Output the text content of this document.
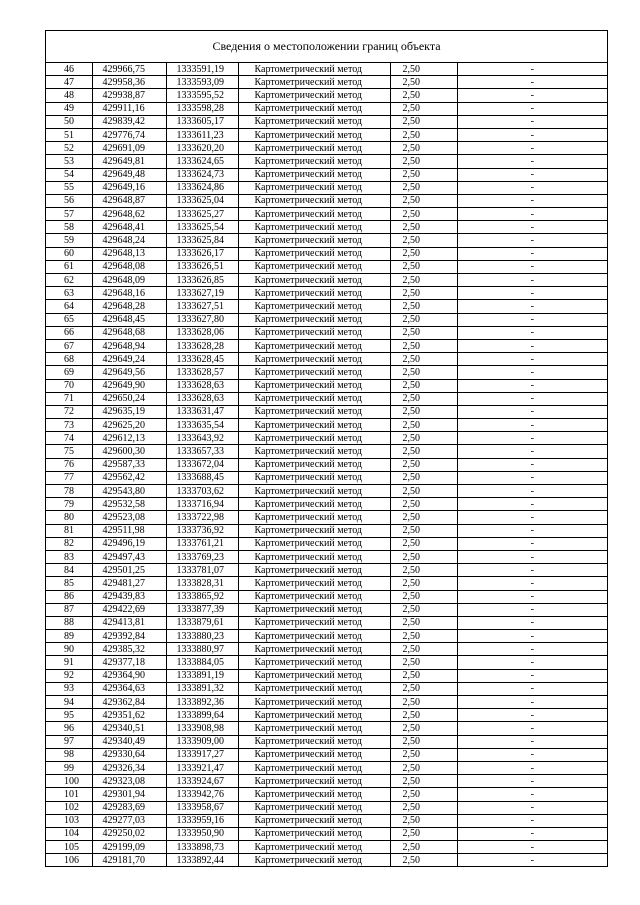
Сведения о местоположении границ объекта
46	429966,75	1333591,19	Картометрический метод	2,50	-
47	429958,36	1333593,09	Картометрический метод	2,50	-
48	429938,87	1333595,52	Картометрический метод	2,50	-
49	429911,16	1333598,28	Картометрический метод	2,50	-
50	429839,42	1333605,17	Картометрический метод	2,50	-
51	429776,74	1333611,23	Картометрический метод	2,50	-
52	429691,09	1333620,20	Картометрический метод	2,50	-
53	429649,81	1333624,65	Картометрический метод	2,50	-
54	429649,48	1333624,73	Картометрический метод	2,50	-
55	429649,16	1333624,86	Картометрический метод	2,50	-
56	429648,87	1333625,04	Картометрический метод	2,50	-
57	429648,62	1333625,27	Картометрический метод	2,50	-
58	429648,41	1333625,54	Картометрический метод	2,50	-
59	429648,24	1333625,84	Картометрический метод	2,50	-
60	429648,13	1333626,17	Картометрический метод	2,50	-
61	429648,08	1333626,51	Картометрический метод	2,50	-
62	429648,09	1333626,85	Картометрический метод	2,50	-
63	429648,16	1333627,19	Картометрический метод	2,50	-
64	429648,28	1333627,51	Картометрический метод	2,50	-
65	429648,45	1333627,80	Картометрический метод	2,50	-
66	429648,68	1333628,06	Картометрический метод	2,50	-
67	429648,94	1333628,28	Картометрический метод	2,50	-
68	429649,24	1333628,45	Картометрический метод	2,50	-
69	429649,56	1333628,57	Картометрический метод	2,50	-
70	429649,90	1333628,63	Картометрический метод	2,50	-
71	429650,24	1333628,63	Картометрический метод	2,50	-
72	429635,19	1333631,47	Картометрический метод	2,50	-
73	429625,20	1333635,54	Картометрический метод	2,50	-
74	429612,13	1333643,92	Картометрический метод	2,50	-
75	429600,30	1333657,33	Картометрический метод	2,50	-
76	429587,33	1333672,04	Картометрический метод	2,50	-
77	429562,42	1333688,45	Картометрический метод	2,50	-
78	429543,80	1333703,62	Картометрический метод	2,50	-
79	429532,58	1333716,94	Картометрический метод	2,50	-
80	429523,08	1333722,98	Картометрический метод	2,50	-
81	429511,98	1333736,92	Картометрический метод	2,50	-
82	429496,19	1333761,21	Картометрический метод	2,50	-
83	429497,43	1333769,23	Картометрический метод	2,50	-
84	429501,25	1333781,07	Картометрический метод	2,50	-
85	429481,27	1333828,31	Картометрический метод	2,50	-
86	429439,83	1333865,92	Картометрический метод	2,50	-
87	429422,69	1333877,39	Картометрический метод	2,50	-
88	429413,81	1333879,61	Картометрический метод	2,50	-
89	429392,84	1333880,23	Картометрический метод	2,50	-
90	429385,32	1333880,97	Картометрический метод	2,50	-
91	429377,18	1333884,05	Картометрический метод	2,50	-
92	429364,90	1333891,19	Картометрический метод	2,50	-
93	429364,63	1333891,32	Картометрический метод	2,50	-
94	429362,84	1333892,36	Картометрический метод	2,50	-
95	429351,62	1333899,64	Картометрический метод	2,50	-
96	429340,51	1333908,98	Картометрический метод	2,50	-
97	429340,49	1333909,00	Картометрический метод	2,50	-
98	429330,64	1333917,27	Картометрический метод	2,50	-
99	429326,34	1333921,47	Картометрический метод	2,50	-
100	429323,08	1333924,67	Картометрический метод	2,50	-
101	429301,94	1333942,76	Картометрический метод	2,50	-
102	429283,69	1333958,67	Картометрический метод	2,50	-
103	429277,03	1333959,16	Картометрический метод	2,50	-
104	429250,02	1333950,90	Картометрический метод	2,50	-
105	429199,09	1333898,73	Картометрический метод	2,50	-
106	429181,70	1333892,44	Картометрический метод	2,50	-
